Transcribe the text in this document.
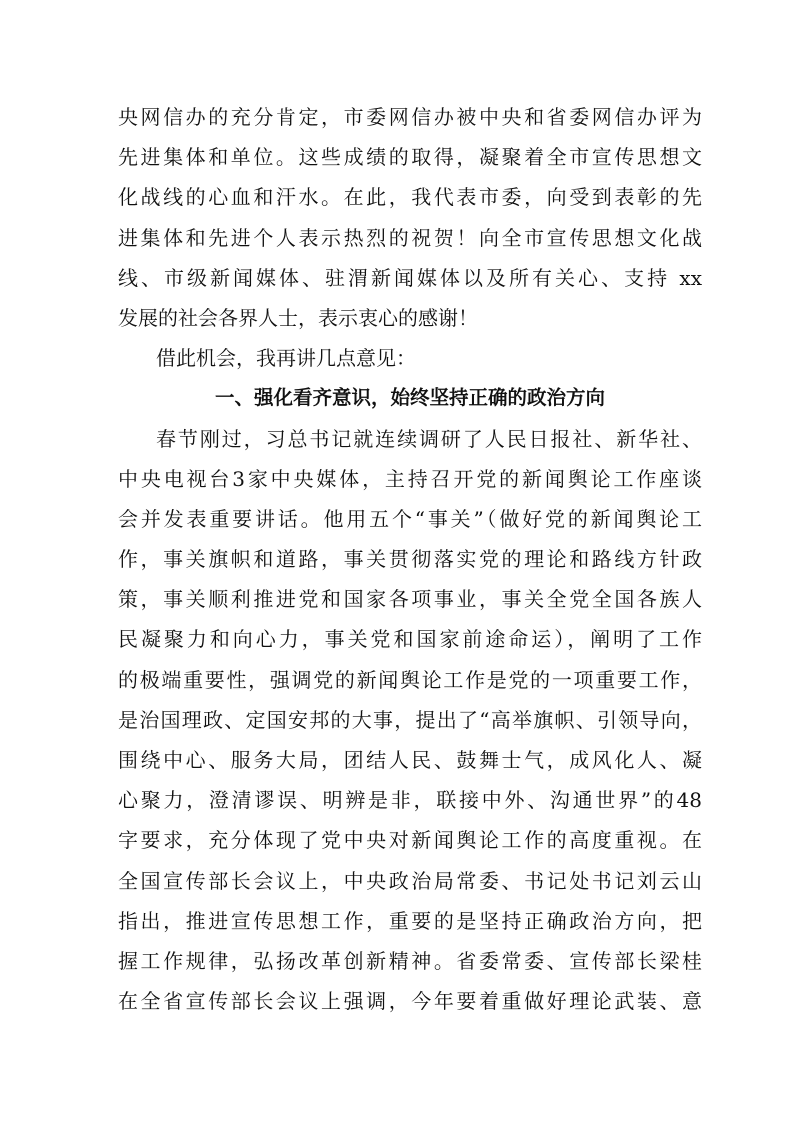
央网信办的充分肯定，市委网信办被中央和省委网信办评为
先进集体和单位。这些成绩的取得，凝聚着全市宣传思想文
化战线的心血和汗水。在此，我代表市委，向受到表彰的先
进集体和先进个人表示热烈的祝贺！向全市宣传思想文化战
线、市级新闻媒体、驻渭新闻媒体以及所有关心、支持 xx
发展的社会各界人士，表示衷心的感谢！
借此机会，我再讲几点意见：
一、强化看齐意识，始终坚持正确的政治方向
春节刚过，习总书记就连续调研了人民日报社、新华社、
中央电视台3家中央媒体，主持召开党的新闻舆论工作座谈
会并发表重要讲话。他用五个“事关”（做好党的新闻舆论工
作，事关旗帜和道路，事关贯彻落实党的理论和路线方针政
策，事关顺利推进党和国家各项事业，事关全党全国各族人
民凝聚力和向心力，事关党和国家前途命运），阐明了工作
的极端重要性，强调党的新闻舆论工作是党的一项重要工作，
是治国理政、定国安邦的大事，提出了“高举旗帜、引领导向，
围绕中心、服务大局，团结人民、鼓舞士气，成风化人、凝
心聚力，澄清谬误、明辨是非，联接中外、沟通世界”的48
字要求，充分体现了党中央对新闻舆论工作的高度重视。在
全国宣传部长会议上，中央政治局常委、书记处书记刘云山
指出，推进宣传思想工作，重要的是坚持正确政治方向，把
握工作规律，弘扬改革创新精神。省委常委、宣传部长梁桂
在全省宣传部长会议上强调，今年要着重做好理论武装、意
